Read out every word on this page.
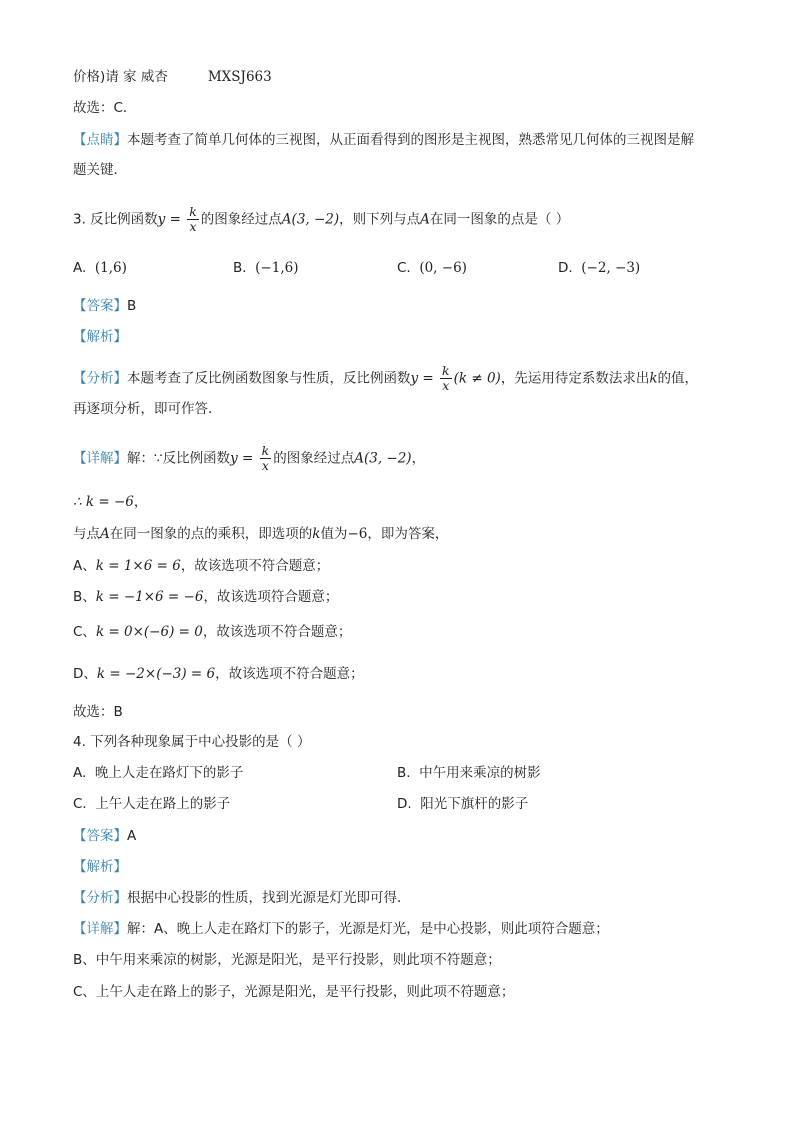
价格)请 家 威杏	MXSJ663
故选：C．
【点睛】本题考查了简单几何体的三视图，从正面看得到的图形是主视图，熟悉常见几何体的三视图是解
题关键．
3. 反比例函数$y = \frac{k}{x}$ 的图象经过点A(3, −2)，则下列与点A在同一图象的点是（ ）
A. (1,6)	B. (−1,6)	C. (0, −6)	D. (−2, −3)
【答案】B
【解析】
【分析】本题考查了反比例函数图象与性质，反比例函数$y = \frac{k}{x} (k \ne 0)$，先运用待定系数法求出k的值，
再逐项分析，即可作答．
【详解】解：∵反比例函数$y = \frac{k}{x}$ 的图象经过点A(3, −2)，
∴ k = −6，
与点A在同一图象的点的乘积，即选项的k值为−6，即为答案，
A、k = 1×6 = 6，故该选项不符合题意；
B、k = −1×6 = −6，故该选项符合题意；
C、k = 0×(−6) = 0，故该选项不符合题意；
D、k = −2×(−3) = 6，故该选项不符合题意；
故选：B
4. 下列各种现象属于中心投影的是（ ）
A. 晚上人走在路灯下的影子	B. 中午用来乘凉的树影
C. 上午人走在路上的影子	D. 阳光下旗杆的影子
【答案】A
【解析】
【分析】根据中心投影的性质，找到光源是灯光即可得．
【详解】解：A、晚上人走在路灯下的影子，光源是灯光，是中心投影，则此项符合题意；
B、中午用来乘凉的树影，光源是阳光，是平行投影，则此项不符题意；
C、上午人走在路上的影子，光源是阳光，是平行投影，则此项不符题意；
